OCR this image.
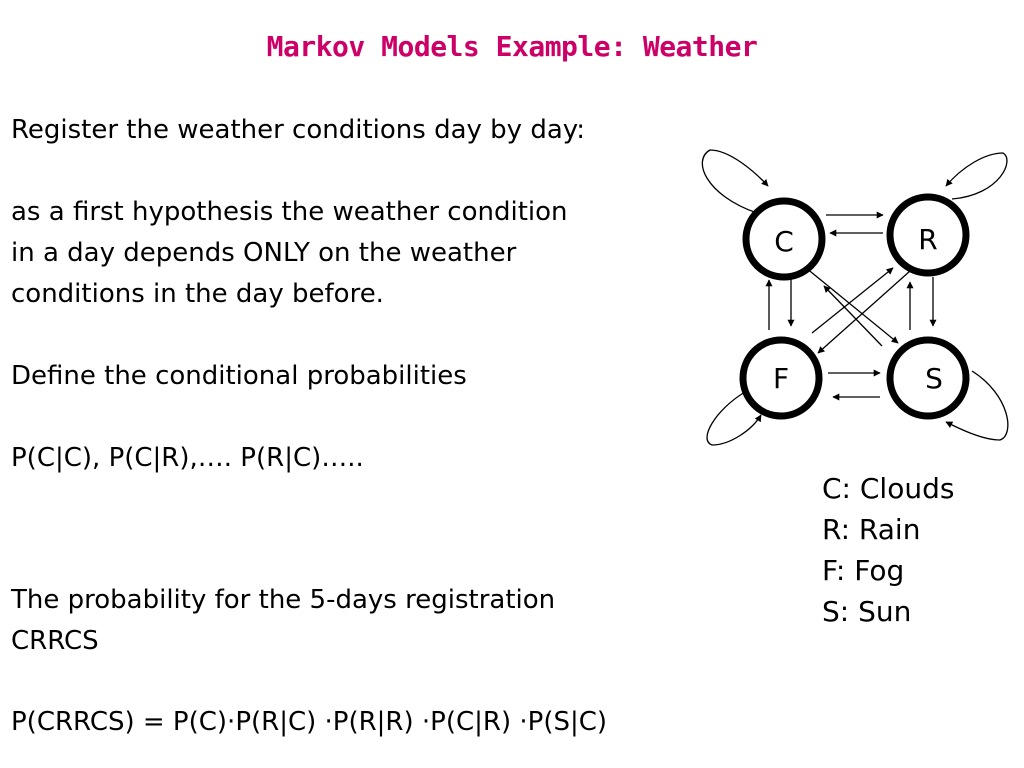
Markov Models Example: Weather
Register the weather conditions day by day:
as a first hypothesis the weather condition
in a day depends ONLY on the weather
conditions in the day before.
Define the conditional probabilities
P(C|C), P(C|R),…. P(R|C)…..
The probability for the 5-days registration
CRRCS
P(CRRCS) = P(C)·P(R|C) ·P(R|R) ·P(C|R) ·P(S|C)
C	R
F	S
C: Clouds
R: Rain
F: Fog
S: Sun
